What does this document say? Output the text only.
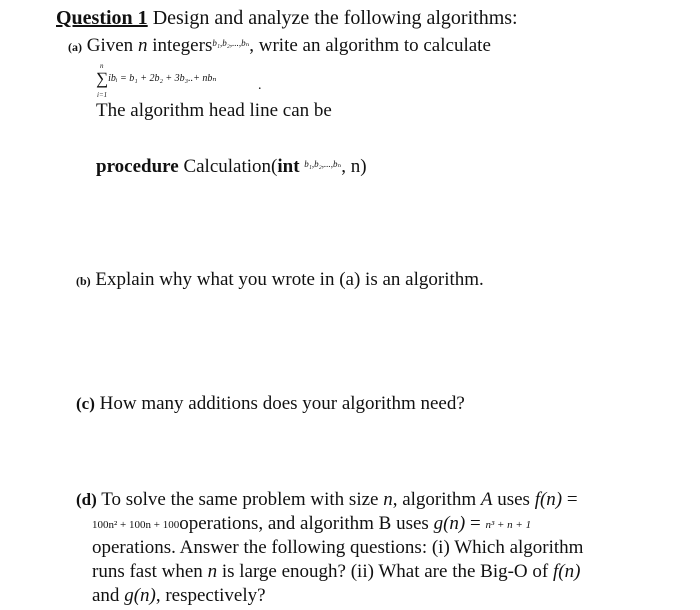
Question 1 Design and analyze the following algorithms:
(a) Given n integers$^{b_1,b_2,...,b_n}$, write an algorithm to calculate
n
∑ibᵢ = b₁ + 2b₂ + 3b₃..+ nbₙ
i=1
.
The algorithm head line can be
procedure Calculation(int $^{b_1,b_2,...,b_n}$, n)
(b) Explain why what you wrote in (a) is an algorithm.
(c) How many additions does your algorithm need?
(d) To solve the same problem with size n, algorithm A uses f(n) =
100n² + 100n + 100operations, and algorithm B uses g(n) = n³ + n + 1
operations. Answer the following questions: (i) Which algorithm
runs fast when n is large enough? (ii) What are the Big-O of f(n)
and g(n), respectively?
